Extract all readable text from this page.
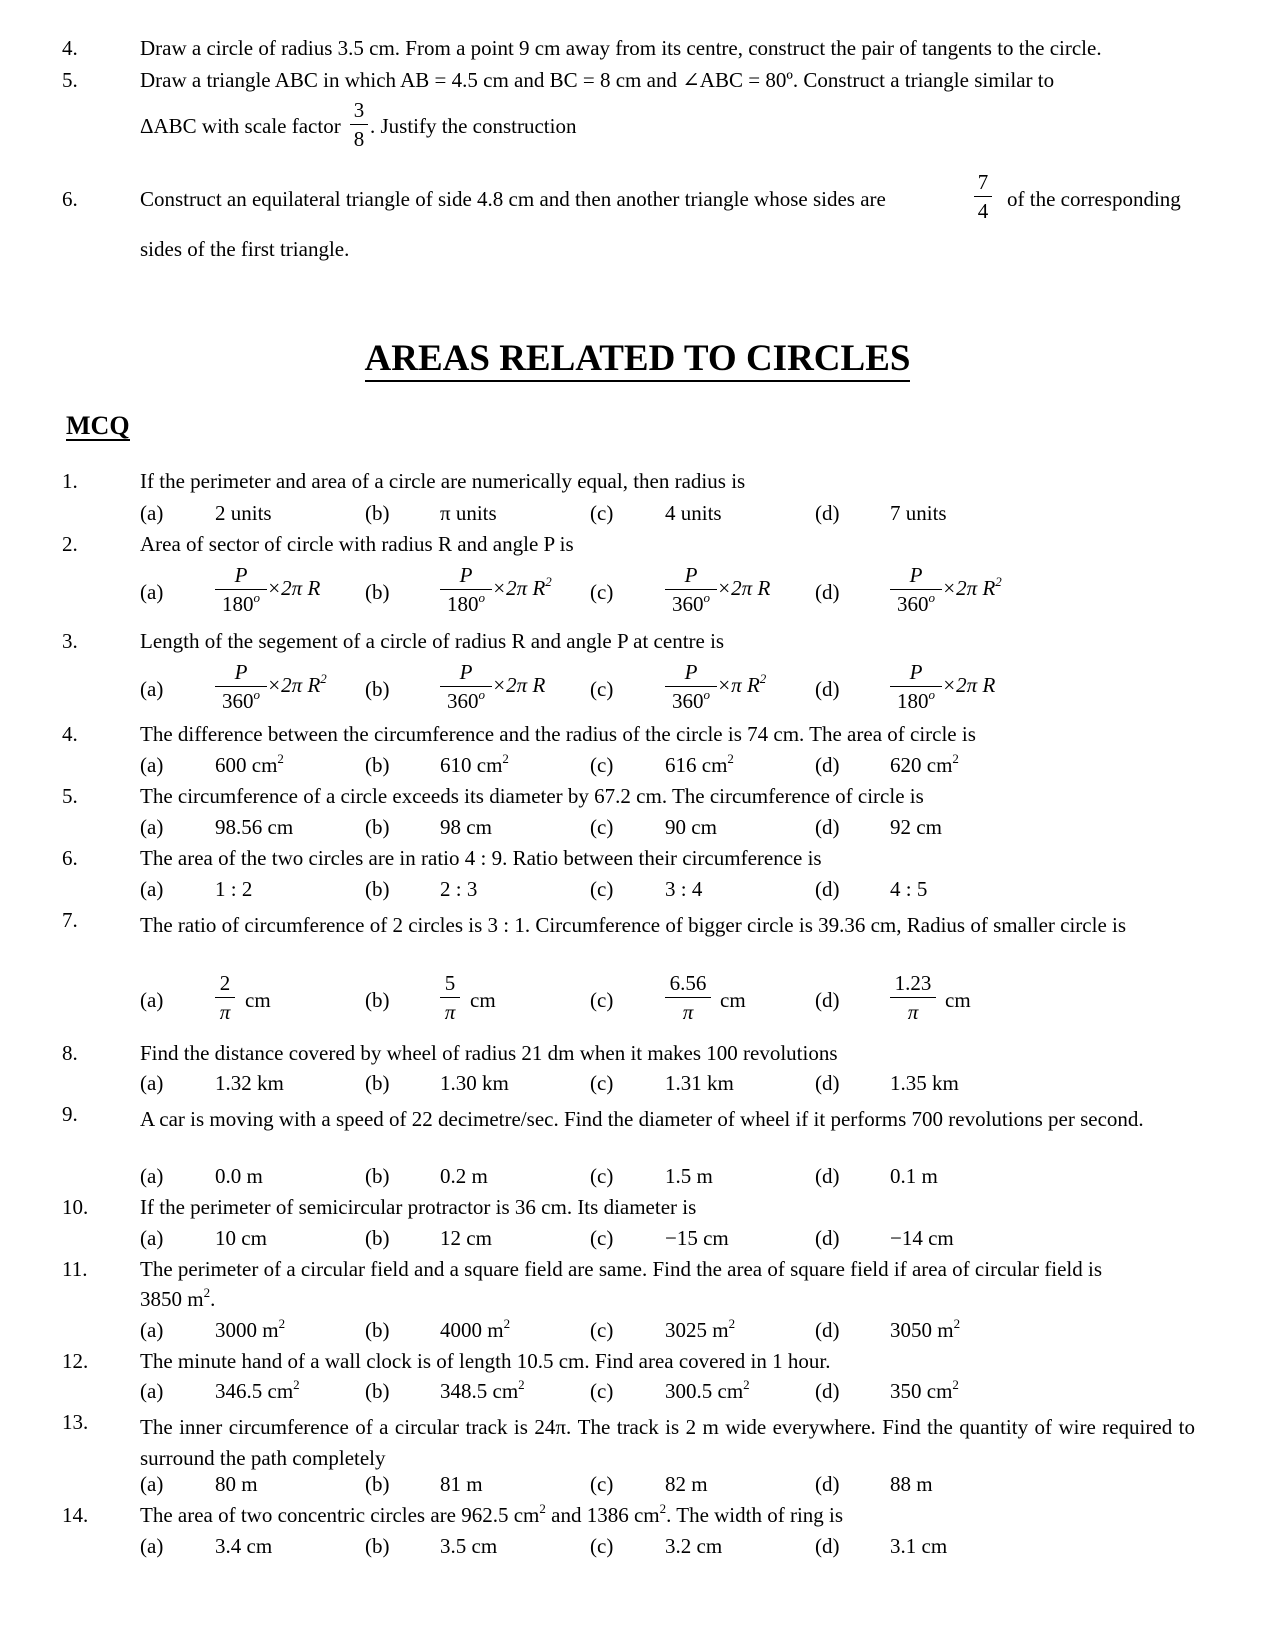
4.	Draw a circle of radius 3.5 cm. From a point 9 cm away from its centre, construct the pair of tangents to the circle.
5.	Draw a triangle ABC in which AB = 4.5 cm and BC = 8 cm and ∠ABC = 80º. Construct a triangle similar to
ΔABC with scale factor
3
8
. Justify the construction
6.	Construct an equilateral triangle of side 4.8 cm and then another triangle whose sides are
7
4 of the corresponding
sides of the first triangle.
AREAS RELATED TO CIRCLES
MCQ
1.	If the perimeter and area of a circle are numerically equal, then radius is
(a) 2 units	(b) π units	(c) 4 units	(d) 7 units
2.	Area of sector of circle with radius R and angle P is
$(a) \frac{P}{180^o} \times 2\pi$ R $(b) \frac{P}{180^o} \times 2\pi$ $R^2$ $(c) \frac{P}{360^o} \times 2\pi$ R $(d) \frac{P}{360^o} \times 2\pi$ $R^2$
3.	Length of the segement of a circle of radius R and angle P at centre is
$(a) \frac{P}{360^o} \times 2\pi$ $R^2$ $(b) \frac{P}{360^o} \times 2\pi$ R $(c) \frac{P}{360^o} \times\pi$ $R^2$ $(d) \frac{P}{180^o} \times 2\pi$ R
4.	The difference between the circumference and the radius of the circle is 74 cm. The area of circle is
(a) 600 $cm^2$	(b) 610 $cm^2$	(c) 616 $cm^2$	(d) 620 $cm^2$
5.	The circumference of a circle exceeds its diameter by 67.2 cm. The circumference of circle is
(a) 98.56 cm	(b) 98 cm	(c) 90 cm	(d) 92 cm
6.	The area of the two circles are in ratio 4 : 9. Ratio between their circumference is
(a) 1 : 2	(b) 2 : 3	(c) 3 : 4	(d) 4 : 5
7.	The ratio of circumference of 2 circles is 3 : 1. Circumference of bigger circle is 39.36 cm, Radius of smaller circle is
(a)
2
π cm	(b)
5
π cm	(c)
6.56
π	cm	(d)
1.23
π	cm
8.	Find the distance covered by wheel of radius 21 dm when it makes 100 revolutions
(a) 1.32 km	(b) 1.30 km	(c) 1.31 km	(d) 1.35 km
9.	A car is moving with a speed of 22 decimetre/sec. Find the diameter of wheel if it performs 700 revolutions per second.
(a) 0.0 m	(b) 0.2 m	(c) 1.5 m	(d) 0.1 m
10.	If the perimeter of semicircular protractor is 36 cm. Its diameter is
(a) 10 cm	(b) 12 cm	(c) −15 cm	(d) −14 cm
11.	The perimeter of a circular field and a square field are same. Find the area of square field if area of circular field is
3850 $m^2$.
(a) 3000 $m^2$	(b) 4000 $m^2$	(c) 3025 $m^2$	(d) 3050 $m^2$
12.	The minute hand of a wall clock is of length 10.5 cm. Find area covered in 1 hour.
(a) 346.5 $cm^2$	(b) 348.5 $cm^2$	(c) 300.5 $cm^2$	(d) 350 $cm^2$
13.	The inner circumference of a circular track is 24π. The track is 2 m wide everywhere. Find the quantity of wire required to surround the path completely
(a) 80 m	(b) 81 m	(c) 82 m	(d) 88 m
14.	The area of two concentric circles are 962.5 $cm^2$ and 1386 $cm^2$. The width of ring is
(a) 3.4 cm	(b) 3.5 cm	(c) 3.2 cm	(d) 3.1 cm
